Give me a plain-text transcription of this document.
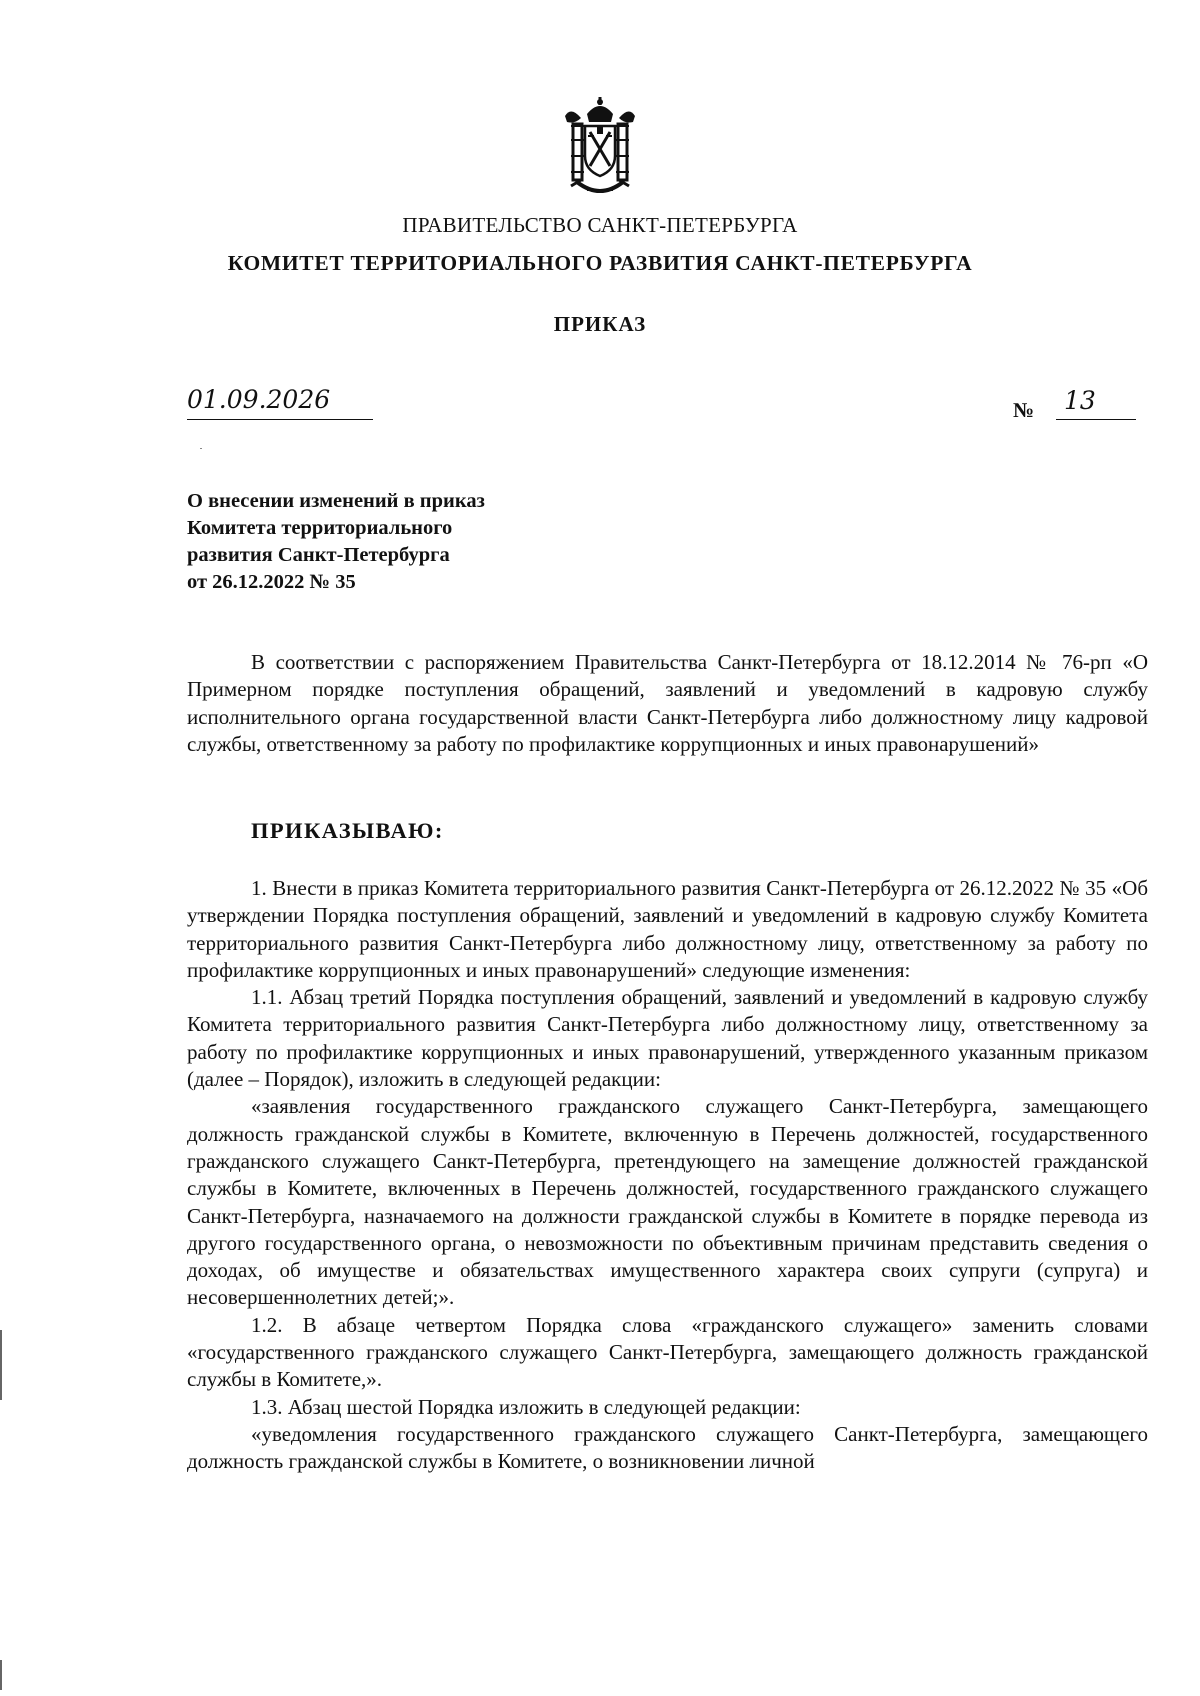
ПРАВИТЕЛЬСТВО САНКТ-ПЕТЕРБУРГА
КОМИТЕТ ТЕРРИТОРИАЛЬНОГО РАЗВИТИЯ САНКТ-ПЕТЕРБУРГА
ПРИКАЗ
01.09.2026	№ 13
О внесении изменений в приказ
Комитета территориального
развития Санкт-Петербурга
от 26.12.2022 № 35

В соответствии с распоряжением Правительства Санкт-Петербурга от 18.12.2014 № 76-рп «О Примерном порядке поступления обращений, заявлений и уведомлений в кадровую службу исполнительного органа государственной власти Санкт-Петербурга либо должностному лицу кадровой службы, ответственному за работу по профилактике коррупционных и иных правонарушений»

ПРИКАЗЫВАЮ:

1. Внести в приказ Комитета территориального развития Санкт-Петербурга от 26.12.2022 № 35 «Об утверждении Порядка поступления обращений, заявлений и уведомлений в кадровую службу Комитета территориального развития Санкт-Петербурга либо должностному лицу, ответственному за работу по профилактике коррупционных и иных правонарушений» следующие изменения:

1.1. Абзац третий Порядка поступления обращений, заявлений и уведомлений в кадровую службу Комитета территориального развития Санкт-Петербурга либо должностному лицу, ответственному за работу по профилактике коррупционных и иных правонарушений, утвержденного указанным приказом (далее – Порядок), изложить в следующей редакции:

«заявления государственного гражданского служащего Санкт-Петербурга, замещающего должность гражданской службы в Комитете, включенную в Перечень должностей, государственного гражданского служащего Санкт-Петербурга, претендующего на замещение должностей гражданской службы в Комитете, включенных в Перечень должностей, государственного гражданского служащего Санкт-Петербурга, назначаемого на должности гражданской службы в Комитете в порядке перевода из другого государственного органа, о невозможности по объективным причинам представить сведения о доходах, об имуществе и обязательствах имущественного характера своих супруги (супруга) и несовершеннолетних детей;».

1.2. В абзаце четвертом Порядка слова «гражданского служащего» заменить словами «государственного гражданского служащего Санкт-Петербурга, замещающего должность гражданской службы в Комитете,».

1.3. Абзац шестой Порядка изложить в следующей редакции:

«уведомления государственного гражданского служащего Санкт-Петербурга, замещающего должность гражданской службы в Комитете, о возникновении личной
